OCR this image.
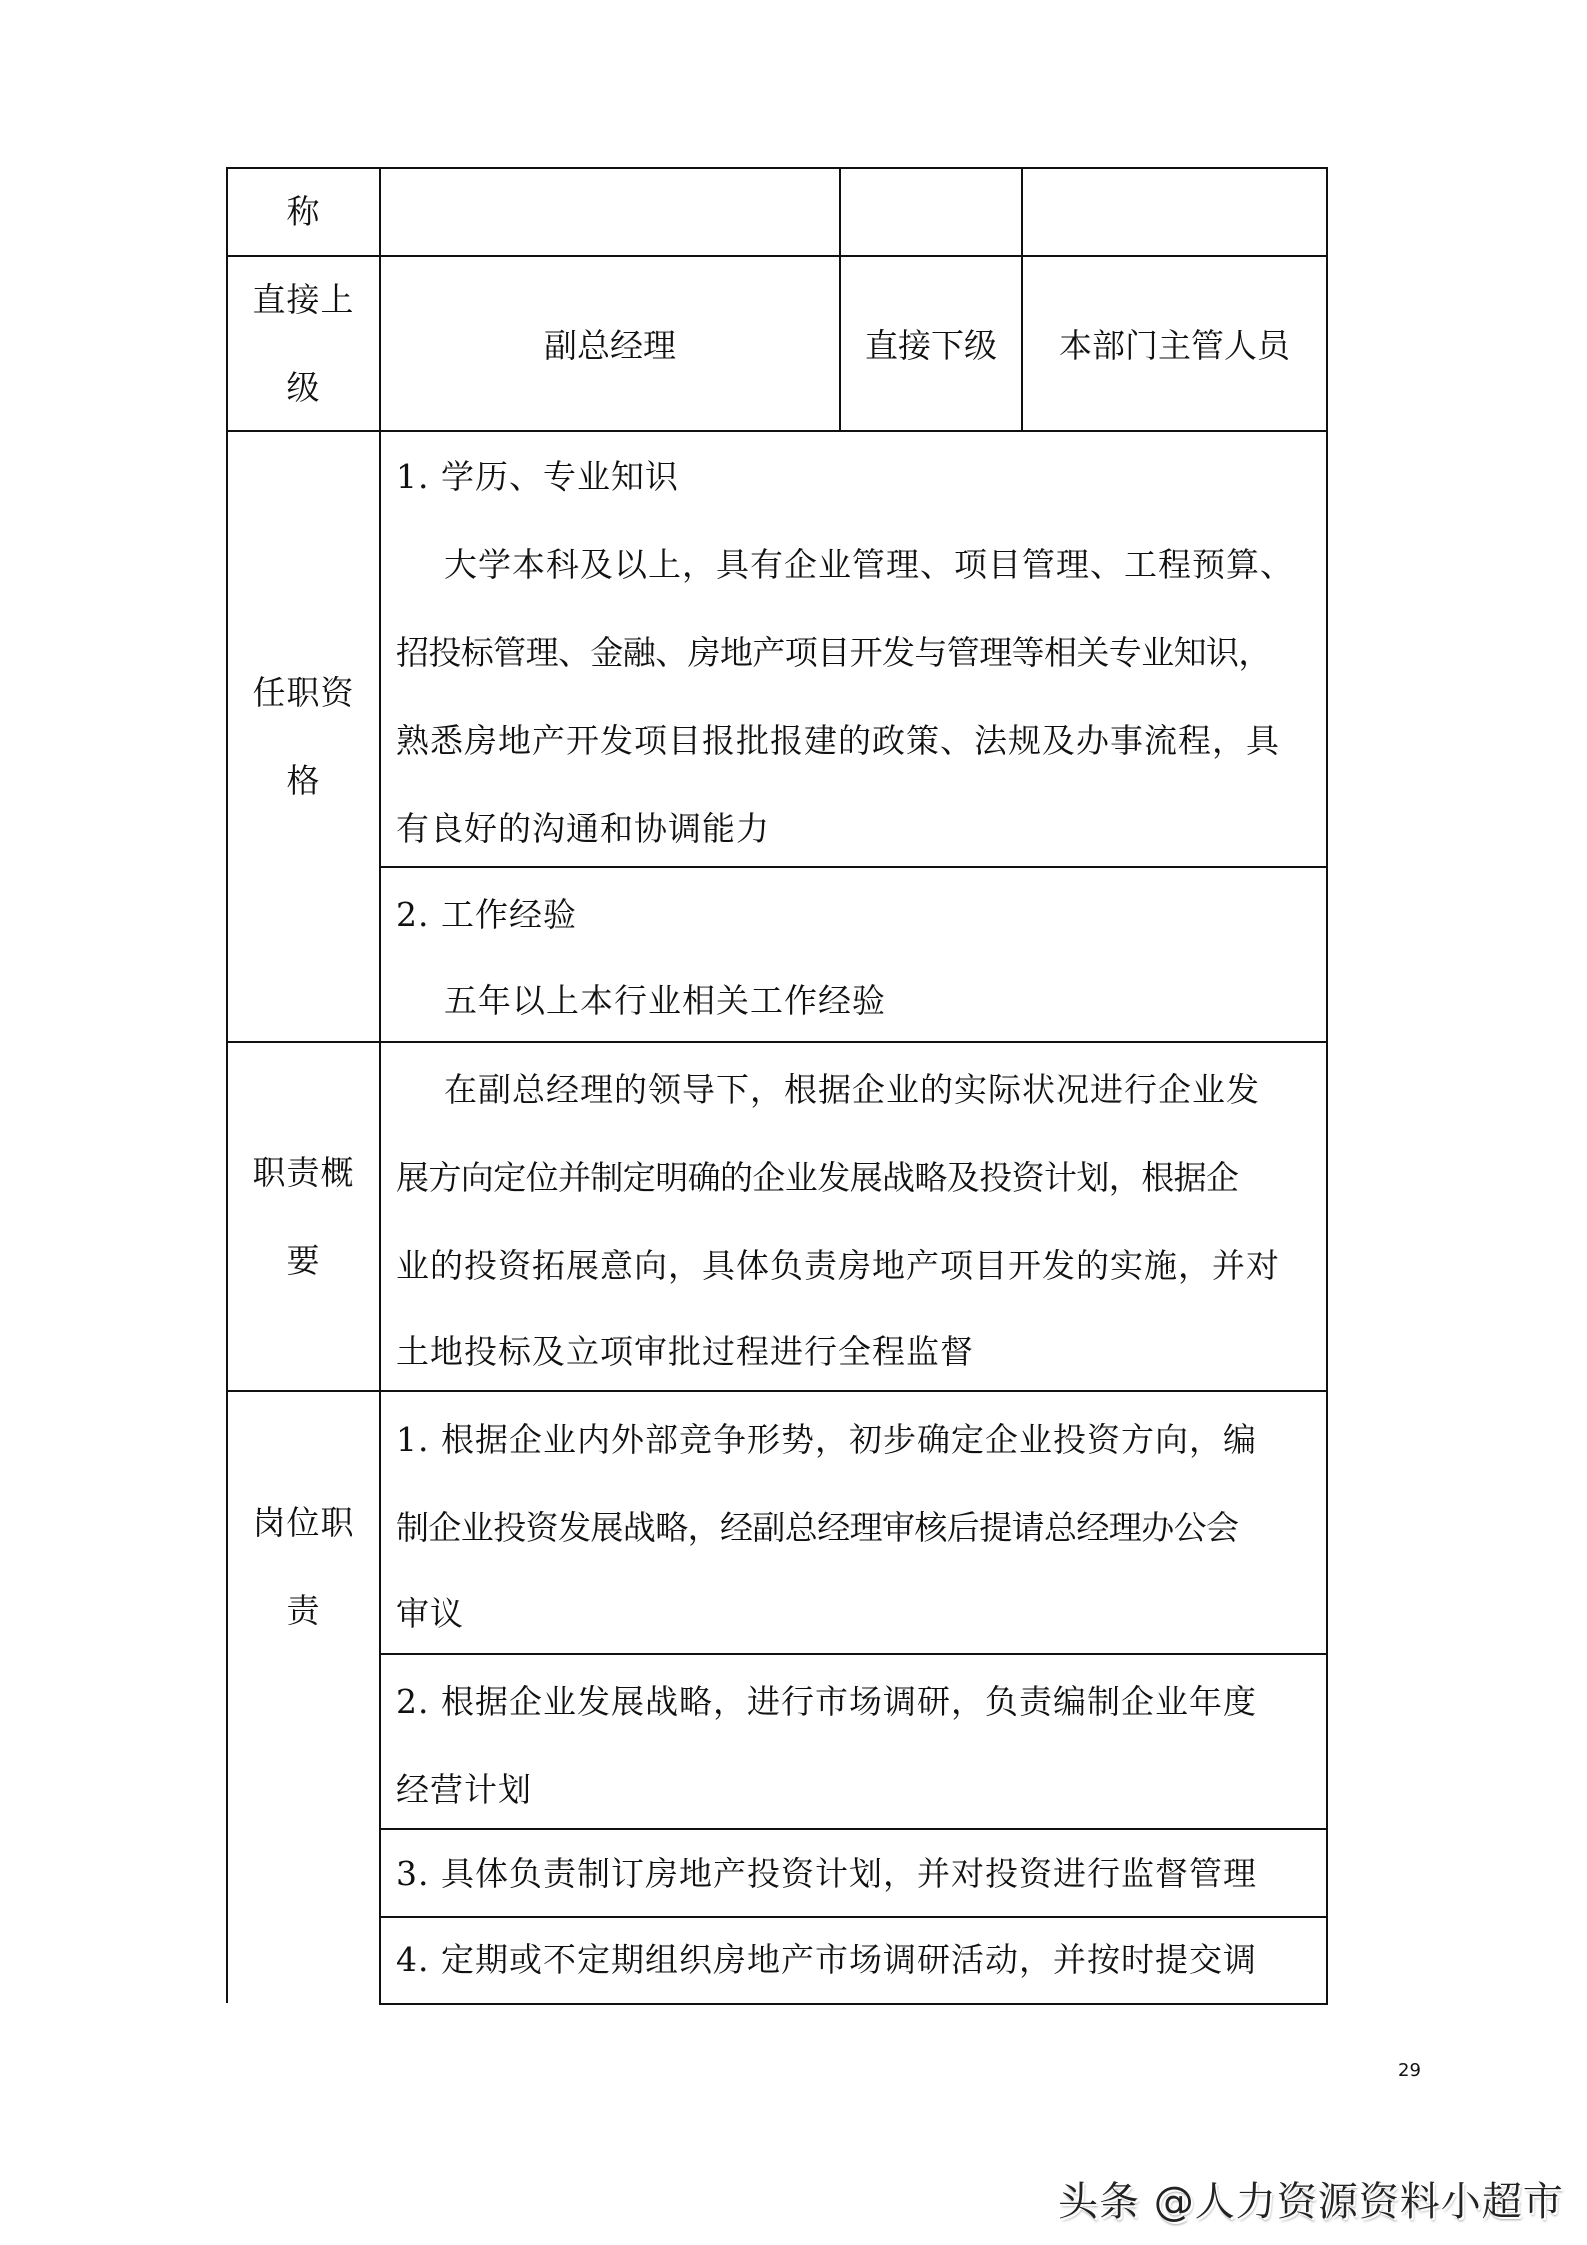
称
直接上
级
副总经理	直接下级 本部门主管人员
任职资
格
1. 学历、专业知识
大学本科及以上，具有企业管理、项目管理、工程预算、
招投标管理、金融、房地产项目开发与管理等相关专业知识，
熟悉房地产开发项目报批报建的政策、法规及办事流程，具
有良好的沟通和协调能力
2. 工作经验
五年以上本行业相关工作经验
职责概
要
在副总经理的领导下，根据企业的实际状况进行企业发
展方向定位并制定明确的企业发展战略及投资计划，根据企
业的投资拓展意向，具体负责房地产项目开发的实施，并对
土地投标及立项审批过程进行全程监督
岗位职
责
1. 根据企业内外部竞争形势，初步确定企业投资方向，编
制企业投资发展战略，经副总经理审核后提请总经理办公会
审议
2. 根据企业发展战略，进行市场调研，负责编制企业年度
经营计划
3. 具体负责制订房地产投资计划，并对投资进行监督管理
4. 定期或不定期组织房地产市场调研活动，并按时提交调
29
头条 @人力资源资料小超市
